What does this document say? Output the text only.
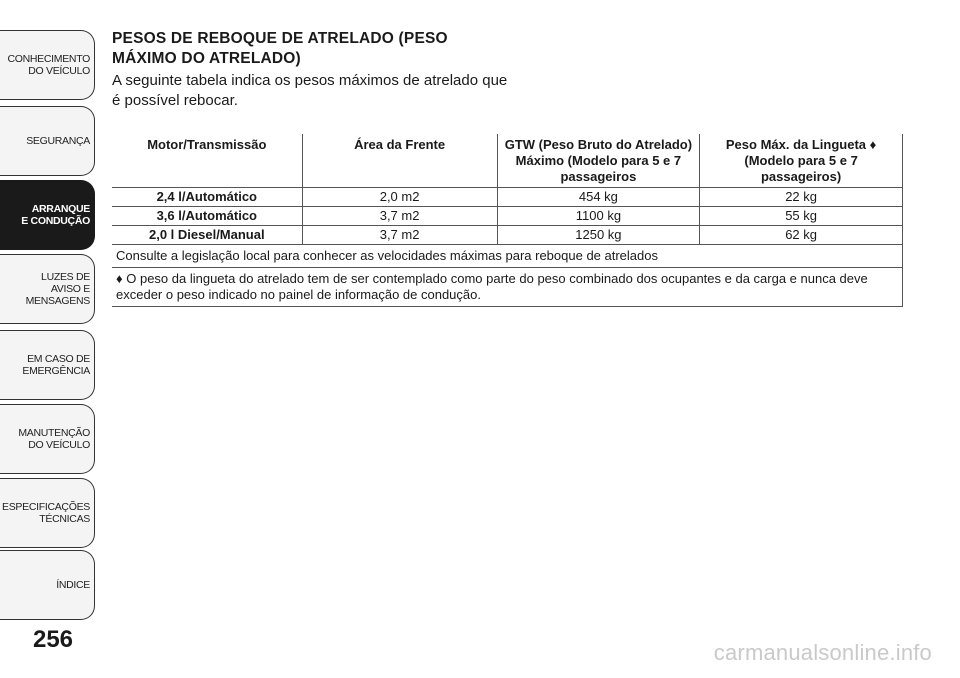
CONHECIMENTO
DO VEÍCULO
SEGURANÇA
ARRANQUE
E CONDUÇÃO
LUZES DE
AVISO E
MENSAGENS
EM CASO DE
EMERGÊNCIA
MANUTENÇÃO
DO VEÍCULO
ESPECIFICAÇÕES
TÉCNICAS
ÍNDICE
256
PESOS DE REBOQUE DE ATRELADO (PESO MÁXIMO DO ATRELADO)
A seguinte tabela indica os pesos máximos de atrelado que é possível rebocar.
Motor/Transmissão	Área da Frente	GTW (Peso Bruto do Atrelado) Máximo (Modelo para 5 e 7 passageiros	Peso Máx. da Lingueta ♦ (Modelo para 5 e 7 passageiros)
2,4 l/Automático	2,0 m2	454 kg	22 kg
3,6 l/Automático	3,7 m2	1100 kg	55 kg
2,0 l Diesel/Manual	3,7 m2	1250 kg	62 kg
Consulte a legislação local para conhecer as velocidades máximas para reboque de atrelados			
♦ O peso da lingueta do atrelado tem de ser contemplado como parte do peso combinado dos ocupantes e da carga e nunca deve exceder o peso indicado no painel de informação de condução.			
carmanualsonline.info
